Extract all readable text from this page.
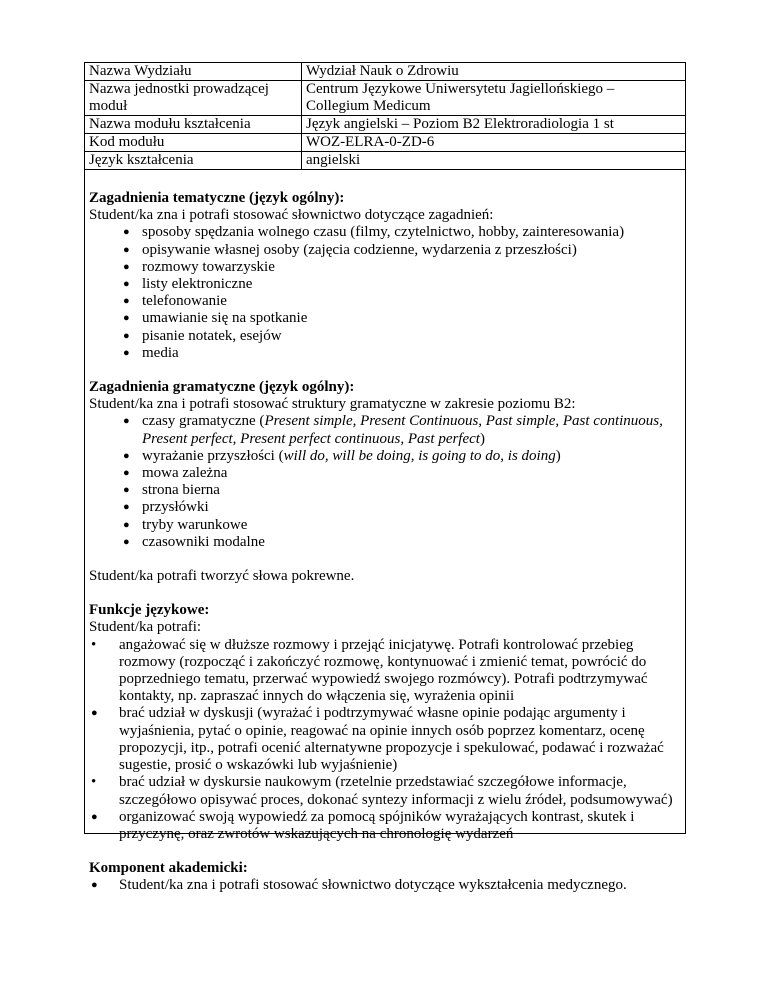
Nazwa Wydziału	Wydział Nauk o Zdrowiu
Nazwa jednostki prowadzącej moduł	Centrum Językowe Uniwersytetu Jagiellońskiego – Collegium Medicum
Nazwa modułu kształcenia	Język angielski – Poziom B2 Elektroradiologia 1 st
Kod modułu	WOZ-ELRA-0-ZD-6
Język kształcenia	angielski
Zagadnienia tematyczne (język ogólny):
Student/ka zna i potrafi stosować słownictwo dotyczące zagadnień:
● sposoby spędzania wolnego czasu (filmy, czytelnictwo, hobby, zainteresowania)
● opisywanie własnej osoby (zajęcia codzienne, wydarzenia z przeszłości)
● rozmowy towarzyskie
● listy elektroniczne
● telefonowanie
● umawianie się na spotkanie
● pisanie notatek, esejów
● media
Zagadnienia gramatyczne (język ogólny):
Student/ka zna i potrafi stosować struktury gramatyczne w zakresie poziomu B2:
● czasy gramatyczne (Present simple, Present Continuous, Past simple, Past continuous, Present perfect, Present perfect continuous, Past perfect)
● wyrażanie przyszłości (will do, will be doing, is going to do, is doing)
● mowa zależna
● strona bierna
● przysłówki
● tryby warunkowe
● czasowniki modalne
Student/ka potrafi tworzyć słowa pokrewne.
Funkcje językowe:
Student/ka potrafi:
• angażować się w dłuższe rozmowy i przejąć inicjatywę. Potrafi kontrolować przebieg rozmowy (rozpocząć i zakończyć rozmowę, kontynuować i zmienić temat, powrócić do poprzedniego tematu, przerwać wypowiedź swojego rozmówcy). Potrafi podtrzymywać kontakty, np. zapraszać innych do włączenia się, wyrażenia opinii
● brać udział w dyskusji (wyrażać i podtrzymywać własne opinie podając argumenty i wyjaśnienia, pytać o opinie, reagować na opinie innych osób poprzez komentarz, ocenę propozycji, itp., potrafi ocenić alternatywne propozycje i spekulować, podawać i rozważać sugestie, prosić o wskazówki lub wyjaśnienie)
• brać udział w dyskursie naukowym (rzetelnie przedstawiać szczegółowe informacje, szczegółowo opisywać proces, dokonać syntezy informacji z wielu źródeł, podsumowywać)
● organizować swoją wypowiedź za pomocą spójników wyrażających kontrast, skutek i przyczynę, oraz zwrotów wskazujących na chronologię wydarzeń
Komponent akademicki:
● Student/ka zna i potrafi stosować słownictwo dotyczące wykształcenia medycznego.
